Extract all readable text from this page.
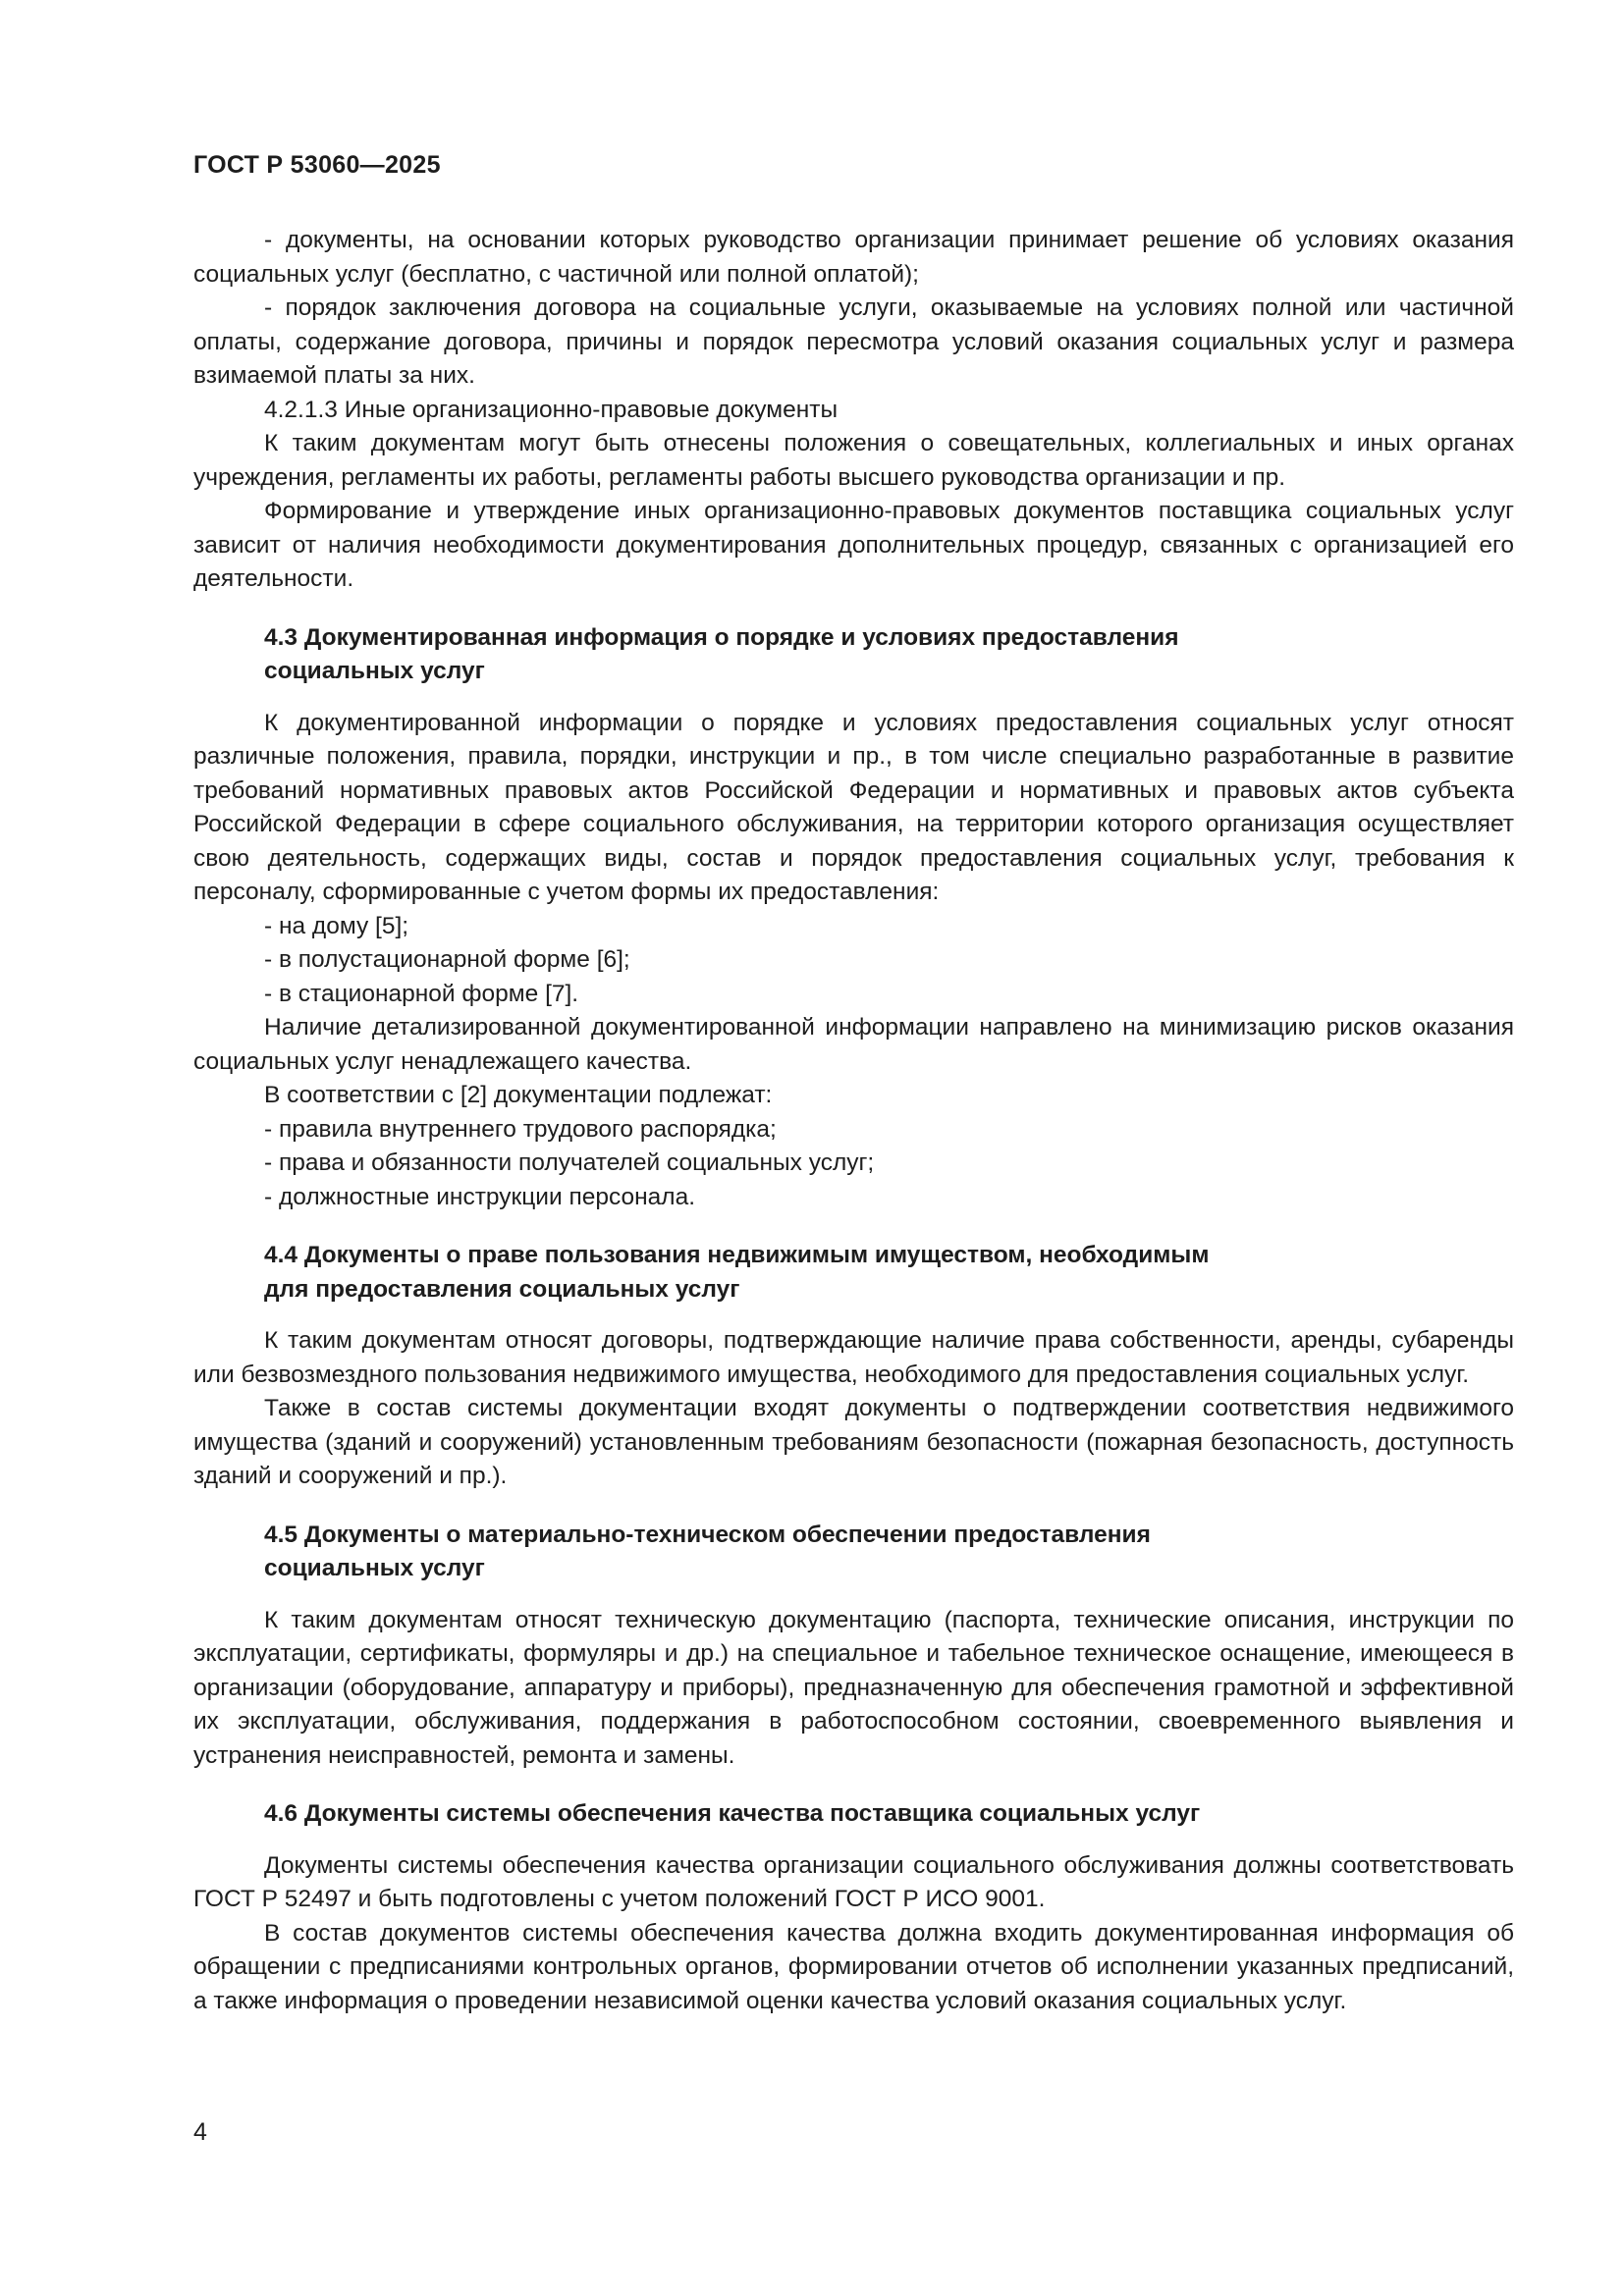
ГОСТ Р 53060—2025

- документы, на основании которых руководство организации принимает решение об условиях оказания социальных услуг (бесплатно, с частичной или полной оплатой);

- порядок заключения договора на социальные услуги, оказываемые на условиях полной или частичной оплаты, содержание договора, причины и порядок пересмотра условий оказания социальных услуг и размера взимаемой платы за них.

4.2.1.3 Иные организационно-правовые документы

К таким документам могут быть отнесены положения о совещательных, коллегиальных и иных органах учреждения, регламенты их работы, регламенты работы высшего руководства организации и пр.

Формирование и утверждение иных организационно-правовых документов поставщика социальных услуг зависит от наличия необходимости документирования дополнительных процедур, связанных с организацией его деятельности.

4.3 Документированная информация о порядке и условиях предоставления
социальных услуг

К документированной информации о порядке и условиях предоставления социальных услуг относят различные положения, правила, порядки, инструкции и пр., в том числе специально разработанные в развитие требований нормативных правовых актов Российской Федерации и нормативных и правовых актов субъекта Российской Федерации в сфере социального обслуживания, на территории которого организация осуществляет свою деятельность, содержащих виды, состав и порядок предоставления социальных услуг, требования к персоналу, сформированные с учетом формы их предоставления:

- на дому [5];

- в полустационарной форме [6];

- в стационарной форме [7].

Наличие детализированной документированной информации направлено на минимизацию рисков оказания социальных услуг ненадлежащего качества.

В соответствии с [2] документации подлежат:

- правила внутреннего трудового распорядка;

- права и обязанности получателей социальных услуг;

- должностные инструкции персонала.

4.4 Документы о праве пользования недвижимым имуществом, необходимым
для предоставления социальных услуг

К таким документам относят договоры, подтверждающие наличие права собственности, аренды, субаренды или безвозмездного пользования недвижимого имущества, необходимого для предоставления социальных услуг.

Также в состав системы документации входят документы о подтверждении соответствия недвижимого имущества (зданий и сооружений) установленным требованиям безопасности (пожарная безопасность, доступность зданий и сооружений и пр.).

4.5 Документы о материально-техническом обеспечении предоставления
социальных услуг

К таким документам относят техническую документацию (паспорта, технические описания, инструкции по эксплуатации, сертификаты, формуляры и др.) на специальное и табельное техническое оснащение, имеющееся в организации (оборудование, аппаратуру и приборы), предназначенную для обеспечения грамотной и эффективной их эксплуатации, обслуживания, поддержания в работоспособном состоянии, своевременного выявления и устранения неисправностей, ремонта и замены.

4.6 Документы системы обеспечения качества поставщика социальных услуг

Документы системы обеспечения качества организации социального обслуживания должны соответствовать ГОСТ Р 52497 и быть подготовлены с учетом положений ГОСТ Р ИСО 9001.

В состав документов системы обеспечения качества должна входить документированная информация об обращении с предписаниями контрольных органов, формировании отчетов об исполнении указанных предписаний, а также информация о проведении независимой оценки качества условий оказания социальных услуг.

4
